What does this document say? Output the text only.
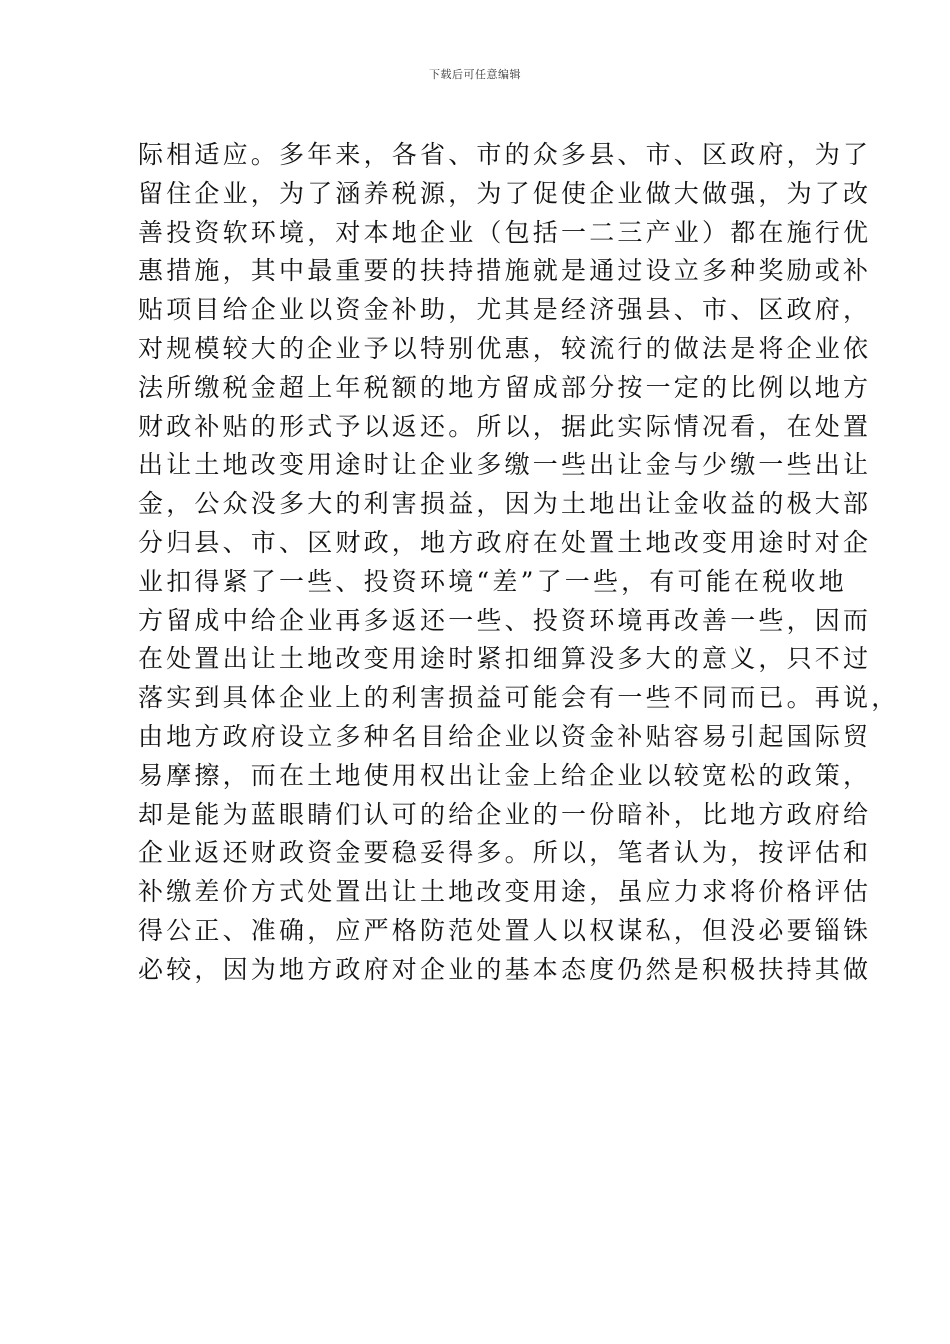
下载后可任意编辑
际相适应。多年来，各省、市的众多县、市、区政府，为了
留住企业，为了涵养税源，为了促使企业做大做强，为了改
善投资软环境，对本地企业（包括一二三产业）都在施行优
惠措施，其中最重要的扶持措施就是通过设立多种奖励或补
贴项目给企业以资金补助，尤其是经济强县、市、区政府，
对规模较大的企业予以特别优惠，较流行的做法是将企业依
法所缴税金超上年税额的地方留成部分按一定的比例以地方
财政补贴的形式予以返还。所以，据此实际情况看，在处置
出让土地改变用途时让企业多缴一些出让金与少缴一些出让
金，公众没多大的利害损益，因为土地出让金收益的极大部
分归县、市、区财政，地方政府在处置土地改变用途时对企
业扣得紧了一些、投资环境“差”了一些，有可能在税收地
方留成中给企业再多返还一些、投资环境再改善一些，因而
在处置出让土地改变用途时紧扣细算没多大的意义，只不过
落实到具体企业上的利害损益可能会有一些不同而已。再说，
由地方政府设立多种名目给企业以资金补贴容易引起国际贸
易摩擦，而在土地使用权出让金上给企业以较宽松的政策，
却是能为蓝眼睛们认可的给企业的一份暗补，比地方政府给
企业返还财政资金要稳妥得多。所以，笔者认为，按评估和
补缴差价方式处置出让土地改变用途，虽应力求将价格评估
得公正、准确，应严格防范处置人以权谋私，但没必要锱铢
必较，因为地方政府对企业的基本态度仍然是积极扶持其做
